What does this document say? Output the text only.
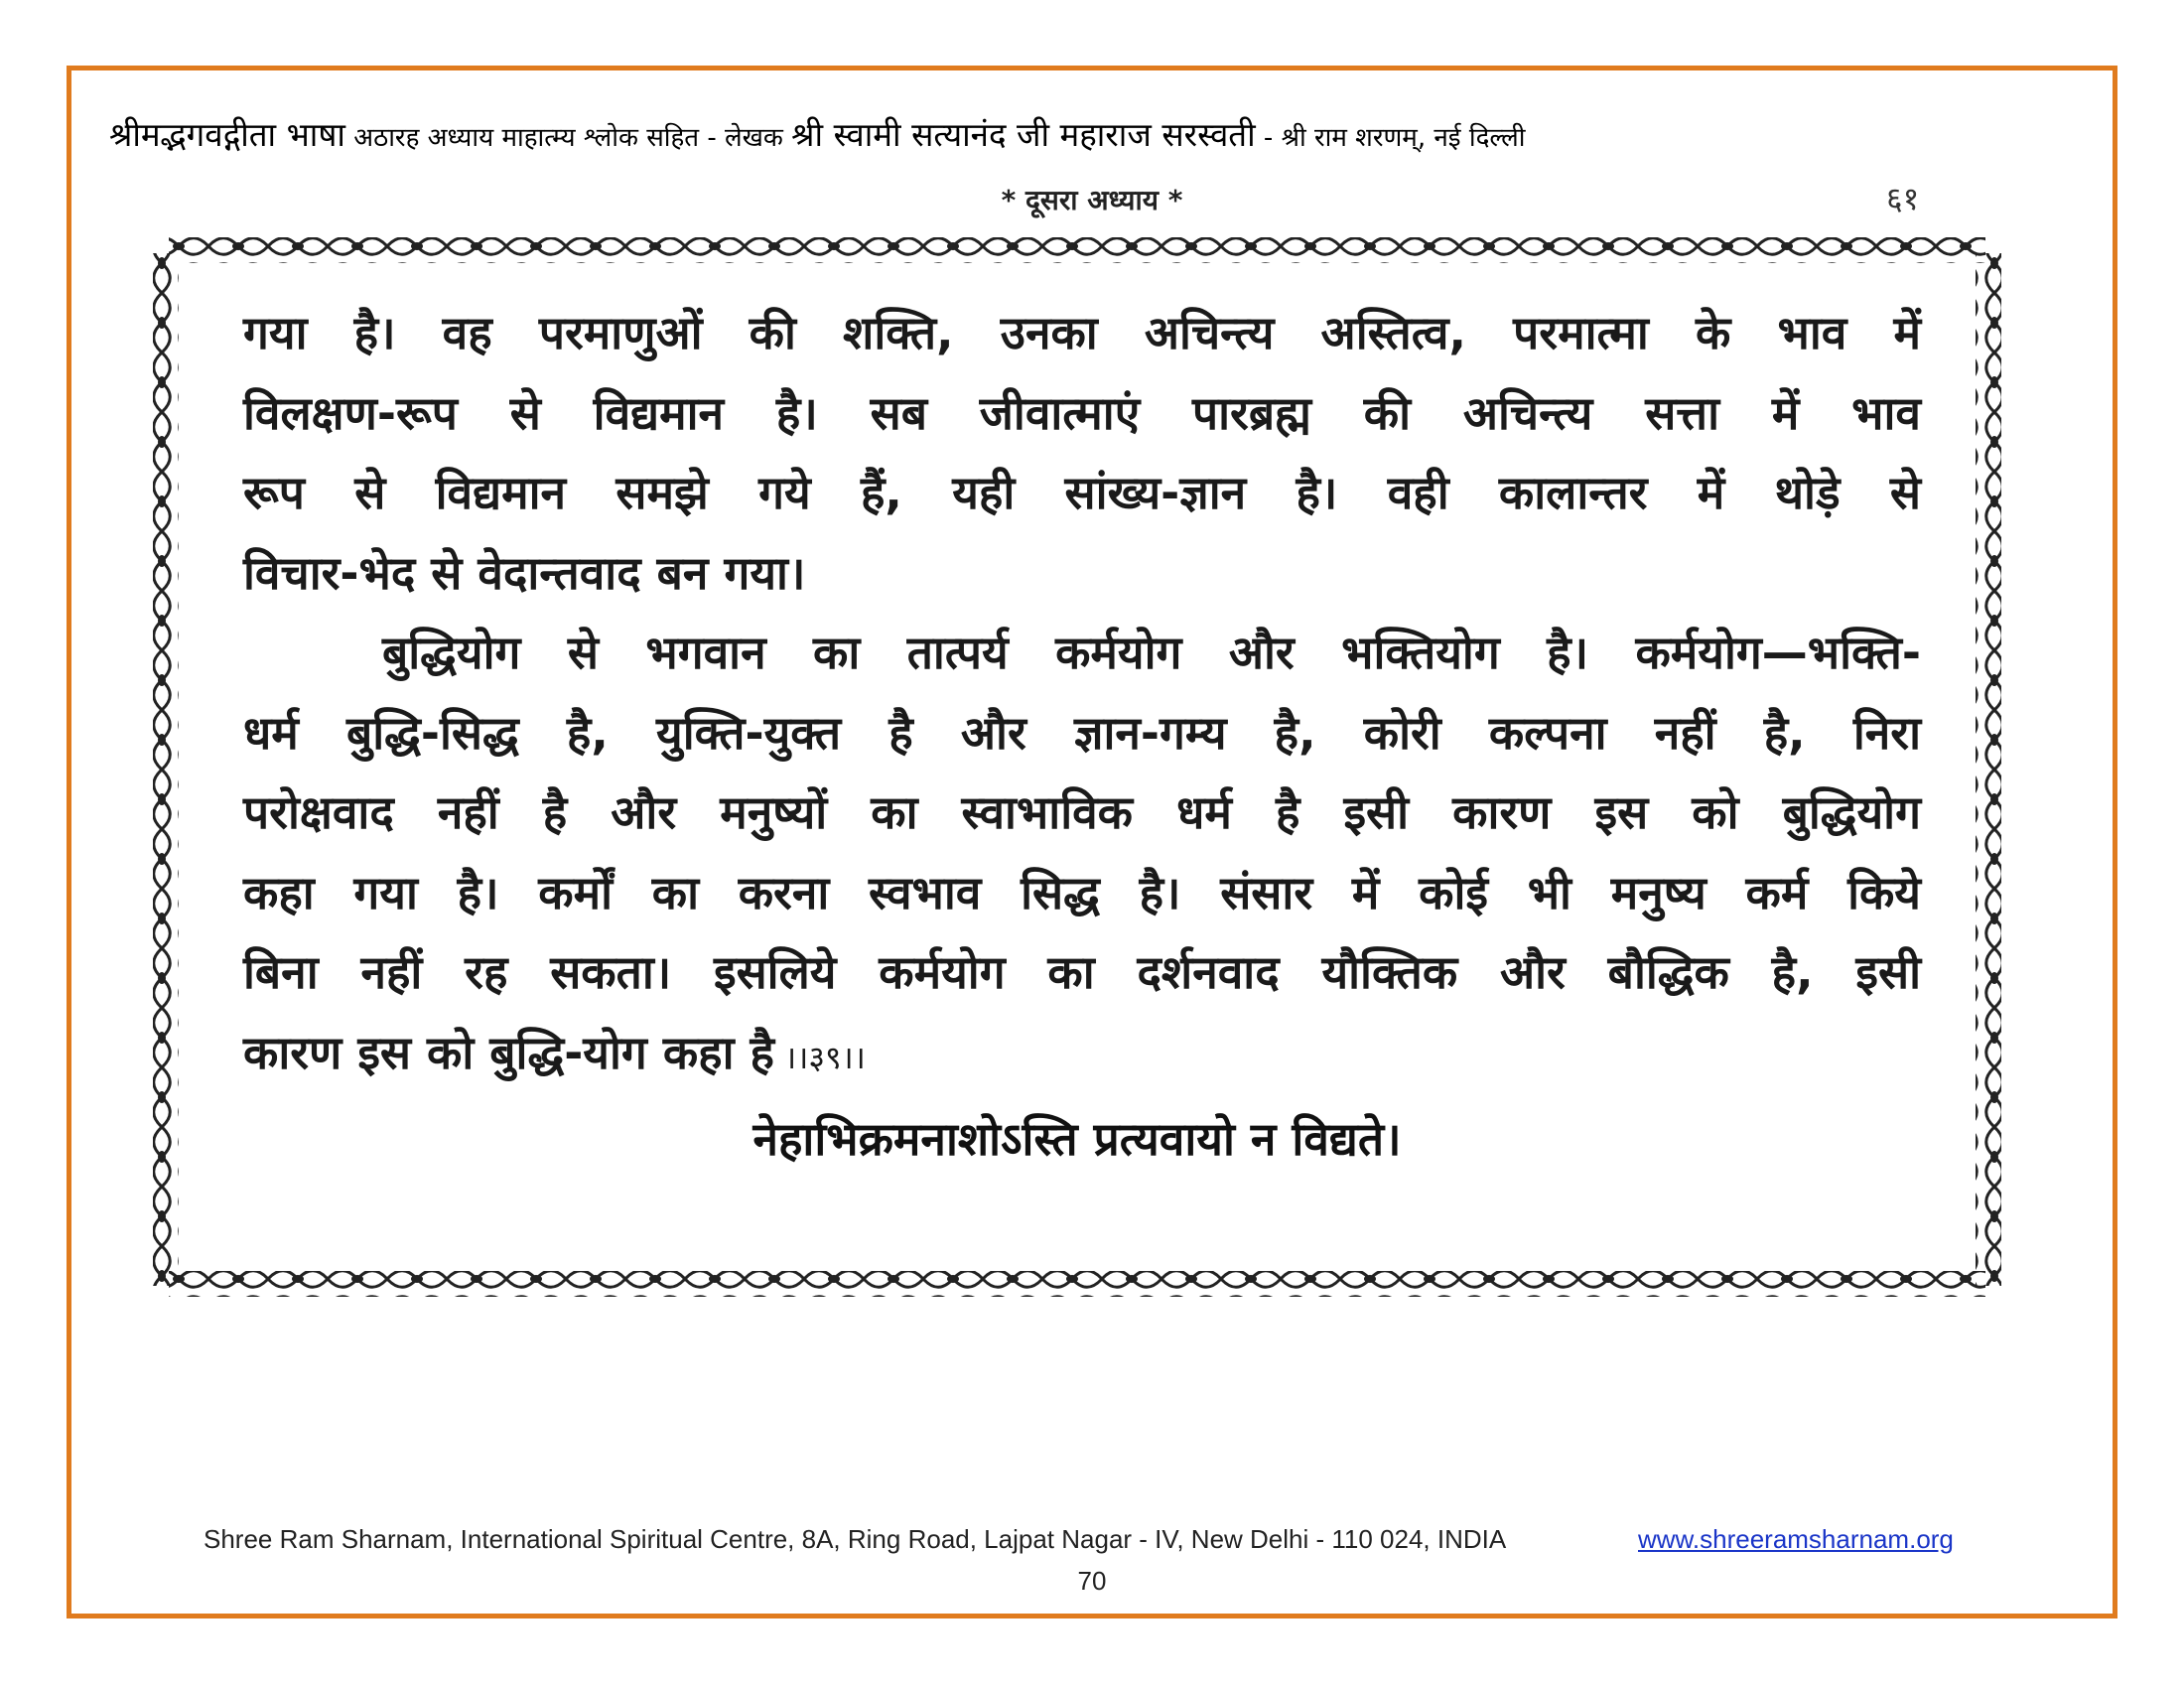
श्रीमद्भगवद्गीता भाषा अठारह अध्याय माहात्म्य श्लोक सहित - लेखक श्री स्वामी सत्यानंद जी महाराज सरस्वती - श्री राम शरणम्, नई दिल्ली
* दूसरा अध्याय *	६१
गया है। वह परमाणुओं की शक्ति, उनका अचिन्त्य अस्तित्व, परमात्मा के भाव में
विलक्षण-रूप से विद्यमान है। सब जीवात्माएं पारब्रह्म की अचिन्त्य सत्ता में भाव
रूप से विद्यमान समझे गये हैं, यही सांख्य-ज्ञान है। वही कालान्तर में थोड़े से
विचार-भेद से वेदान्तवाद बन गया।
बुद्धियोग से भगवान का तात्पर्य कर्मयोग और भक्तियोग है। कर्मयोग—भक्ति-
धर्म बुद्धि-सिद्ध है, युक्ति-युक्त है और ज्ञान-गम्य है, कोरी कल्पना नहीं है, निरा
परोक्षवाद नहीं है और मनुष्यों का स्वाभाविक धर्म है इसी कारण इस को बुद्धियोग
कहा गया है। कर्मों का करना स्वभाव सिद्ध है। संसार में कोई भी मनुष्य कर्म किये
बिना नहीं रह सकता। इसलिये कर्मयोग का दर्शनवाद यौक्तिक और बौद्धिक है, इसी
कारण इस को बुद्धि-योग कहा है ।।३९।।
नेहाभिक्रमनाशोऽस्ति प्रत्यवायो न विद्यते।
Shree Ram Sharnam, International Spiritual Centre, 8A, Ring Road, Lajpat Nagar - IV, New Delhi - 110 024, INDIA	www.shreeramsharnam.org
70
